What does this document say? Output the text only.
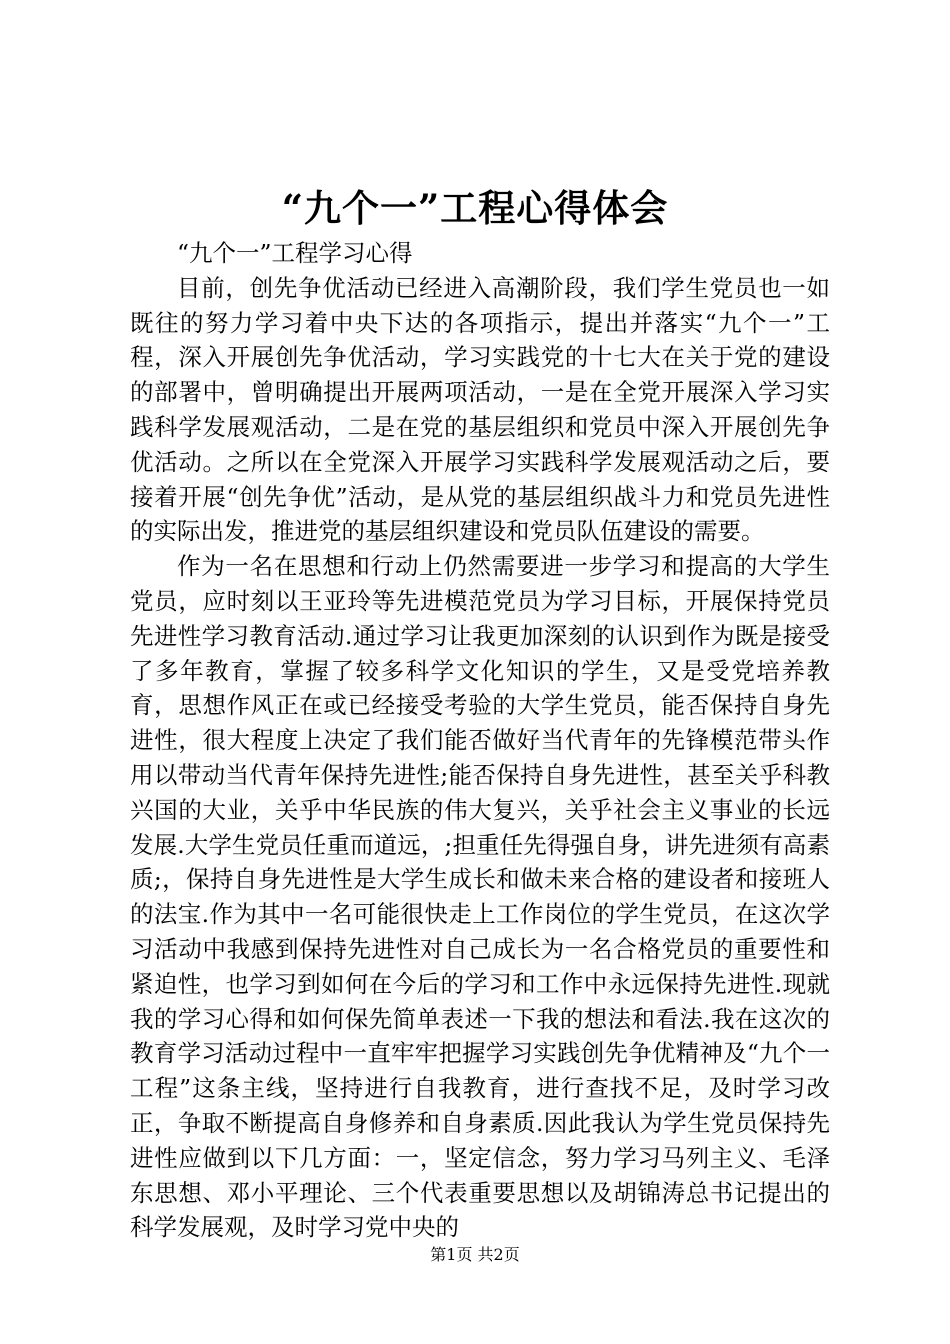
“九个一”工程心得体会

“九个一”工程学习心得

目前，创先争优活动已经进入高潮阶段，我们学生党员也一如既往的努力学习着中央下达的各项指示，提出并落实“九个一”工程，深入开展创先争优活动，学习实践党的十七大在关于党的建设的部署中，曾明确提出开展两项活动，一是在全党开展深入学习实践科学发展观活动，二是在党的基层组织和党员中深入开展创先争优活动。之所以在全党深入开展学习实践科学发展观活动之后，要接着开展“创先争优”活动，是从党的基层组织战斗力和党员先进性的实际出发，推进党的基层组织建设和党员队伍建设的需要。

作为一名在思想和行动上仍然需要进一步学习和提高的大学生党员，应时刻以王亚玲等先进模范党员为学习目标，开展保持党员先进性学习教育活动.通过学习让我更加深刻的认识到作为既是接受了多年教育，掌握了较多科学文化知识的学生，又是受党培养教育，思想作风正在或已经接受考验的大学生党员，能否保持自身先进性，很大程度上决定了我们能否做好当代青年的先锋模范带头作用以带动当代青年保持先进性;能否保持自身先进性，甚至关乎科教兴国的大业，关乎中华民族的伟大复兴，关乎社会主义事业的长远发展.大学生党员任重而道远，;担重任先得强自身，讲先进须有高素质;，保持自身先进性是大学生成长和做未来合格的建设者和接班人的法宝.作为其中一名可能很快走上工作岗位的学生党员，在这次学习活动中我感到保持先进性对自己成长为一名合格党员的重要性和紧迫性，也学习到如何在今后的学习和工作中永远保持先进性.现就我的学习心得和如何保先简单表述一下我的想法和看法.我在这次的教育学习活动过程中一直牢牢把握学习实践创先争优精神及“九个一工程”这条主线，坚持进行自我教育，进行查找不足，及时学习改正，争取不断提高自身修养和自身素质.因此我认为学生党员保持先进性应做到以下几方面：一，坚定信念，努力学习马列主义、毛泽东思想、邓小平理论、三个代表重要思想以及胡锦涛总书记提出的科学发展观，及时学习党中央的

第1页 共2页
